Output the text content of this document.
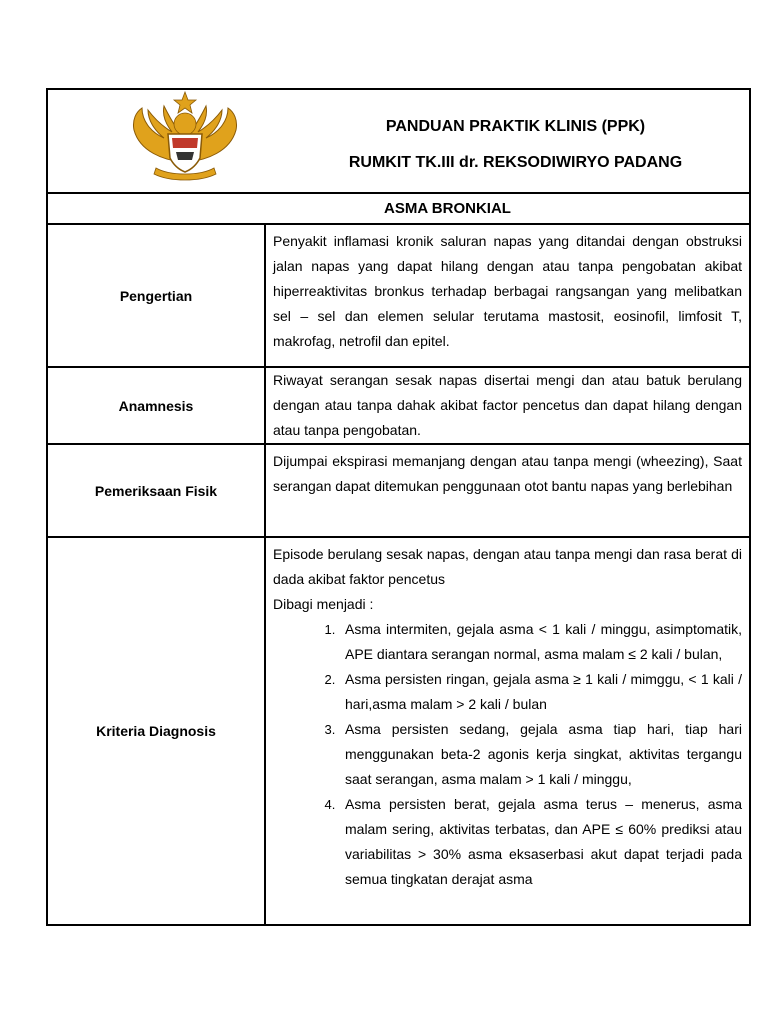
PANDUAN PRAKTIK KLINIS (PPK)
RUMKIT TK.III dr. REKSODIWIRYO PADANG
ASMA BRONKIAL
Pengertian

Penyakit inflamasi kronik saluran napas yang ditandai dengan obstruksi jalan napas yang dapat hilang dengan atau tanpa pengobatan akibat hiperreaktivitas bronkus terhadap berbagai rangsangan yang melibatkan sel – sel dan elemen selular terutama mastosit, eosinofil, limfosit T, makrofag, netrofil dan epitel.

Anamnesis

Riwayat serangan sesak napas disertai mengi dan atau batuk berulang dengan atau tanpa dahak akibat factor pencetus dan dapat hilang dengan atau tanpa pengobatan.

Pemeriksaan Fisik

Dijumpai ekspirasi memanjang dengan atau tanpa mengi (wheezing), Saat serangan dapat ditemukan penggunaan otot bantu napas yang berlebihan

Kriteria Diagnosis

Episode berulang sesak napas, dengan atau tanpa mengi dan rasa berat di dada akibat faktor pencetus

Dibagi menjadi :

1. Asma intermiten, gejala asma < 1 kali / minggu, asimptomatik, APE diantara serangan normal, asma malam ≤ 2 kali / bulan,
2. Asma persisten ringan, gejala asma ≥ 1 kali / mimggu, < 1 kali / hari,asma malam > 2 kali / bulan
3. Asma persisten sedang, gejala asma tiap hari, tiap hari menggunakan beta-2 agonis kerja singkat, aktivitas tergangu saat serangan, asma malam > 1 kali / minggu,
4. Asma persisten berat, gejala asma terus – menerus, asma malam sering, aktivitas terbatas, dan APE ≤ 60% prediksi atau variabilitas > 30% asma eksaserbasi akut dapat terjadi pada semua tingkatan derajat asma
